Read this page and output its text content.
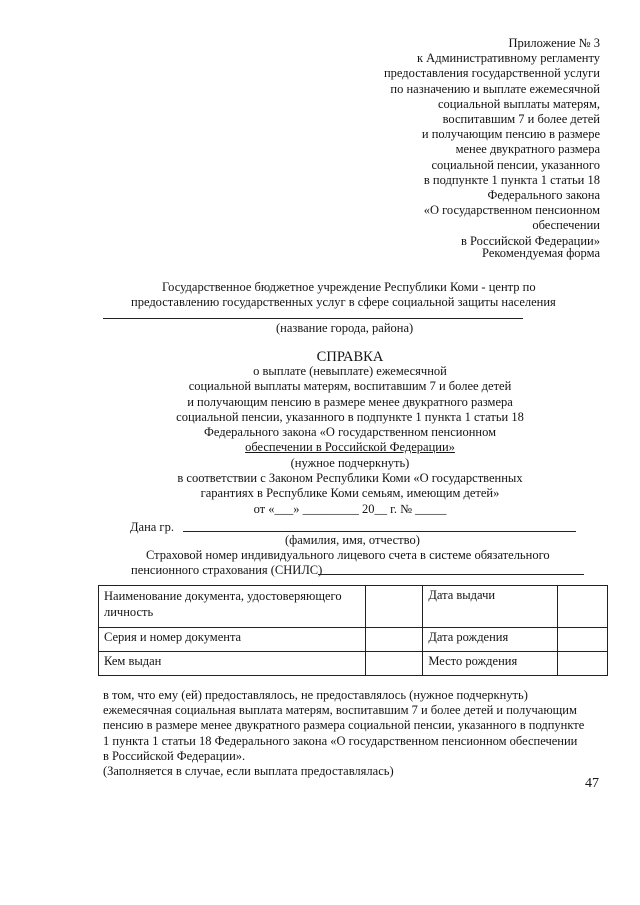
Приложение № 3
к Административному регламенту
предоставления государственной услуги
по назначению и выплате ежемесячной
социальной выплаты матерям,
воспитавшим 7 и более детей
и получающим пенсию в размере
менее двукратного размера
социальной пенсии, указанного
в подпункте 1 пункта 1 статьи 18
Федерального закона
«О государственном пенсионном
обеспечении
в Российской Федерации»
Рекомендуемая форма
Государственное бюджетное учреждение Республики Коми - центр по
предоставлению государственных услуг в сфере социальной защиты населения
(название города, района)
СПРАВКА
о выплате (невыплате) ежемесячной
социальной выплаты матерям, воспитавшим 7 и более детей
и получающим пенсию в размере менее двукратного размера
социальной пенсии, указанного в подпункте 1 пункта 1 статьи 18
Федерального закона «О государственном пенсионном
обеспечении в Российской Федерации»
(нужное подчеркнуть)
в соответствии с Законом Республики Коми «О государственных
гарантиях в Республике Коми семьям, имеющим детей»
от «___» _________ 20__ г. № _____
Дана гр.
(фамилия, имя, отчество)
Страховой номер индивидуального лицевого счета в системе обязательного
пенсионного страхования (СНИЛС)
Наименование документа, удостоверяющего личность		Дата выдачи	
Серия и номер документа		Дата рождения	
Кем выдан		Место рождения	
в том, что ему (ей) предоставлялось, не предоставлялось (нужное подчеркнуть)
ежемесячная социальная выплата матерям, воспитавшим 7 и более детей и получающим
пенсию в размере менее двукратного размера социальной пенсии, указанного в подпункте
1 пункта 1 статьи 18 Федерального закона «О государственном пенсионном обеспечении
в Российской Федерации».
(Заполняется в случае, если выплата предоставлялась)
47
